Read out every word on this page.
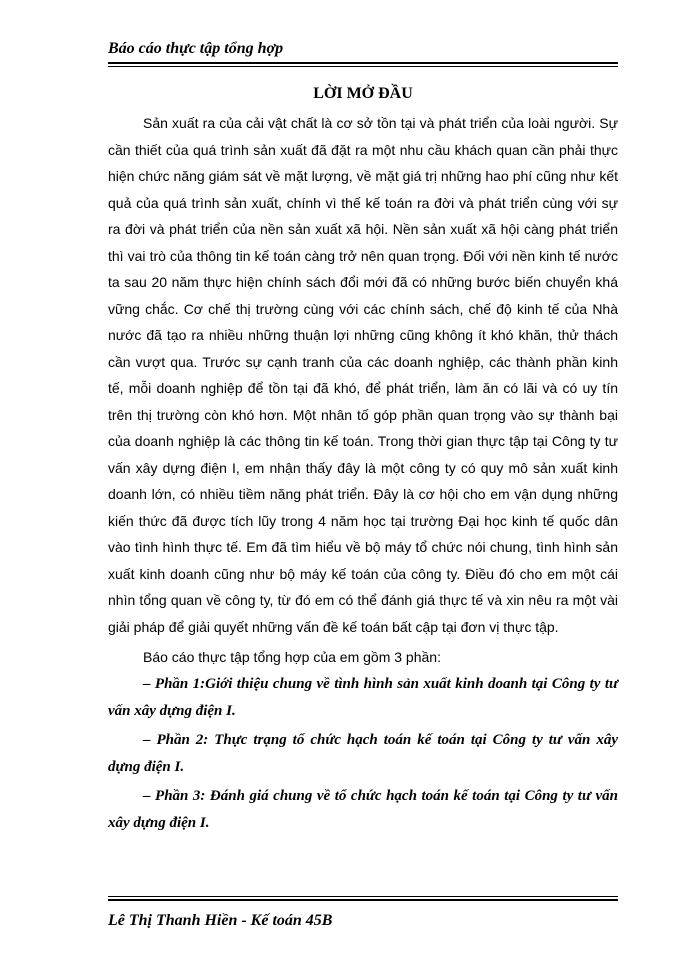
Báo cáo thực tập tổng hợp
LỜI MỞ ĐẦU

Sản xuất ra của cải vật chất là cơ sở tồn tại và phát triển của loài người. Sự cần thiết của quá trình sản xuất đã đặt ra một nhu cầu khách quan cần phải thực hiện chức năng giám sát về mặt lượng, về mặt giá trị những hao phí cũng như kết quả của quá trình sản xuất, chính vì thế kế toán ra đời và phát triển cùng với sự ra đời và phát triển của nền sản xuất xã hội. Nền sản xuất xã hội càng phát triển thì vai trò của thông tin kế toán càng trở nên quan trọng. Đối với nền kinh tế nước ta sau 20 năm thực hiện chính sách đổi mới đã có những bước biến chuyển khá vững chắc. Cơ chế thị trường cùng với các chính sách, chế độ kinh tế của Nhà nước đã tạo ra nhiều những thuận lợi những cũng không ít khó khăn, thử thách cần vượt qua. Trước sự cạnh tranh của các doanh nghiệp, các thành phần kinh tế, mỗi doanh nghiệp để tồn tại đã khó, để phát triển, làm ăn có lãi và có uy tín trên thị trường còn khó hơn. Một nhân tố góp phần quan trọng vào sự thành bại của doanh nghiệp là các thông tin kế toán. Trong thời gian thực tập tại Công ty tư vấn xây dựng điện I, em nhận thấy đây là một công ty có quy mô sản xuất kinh doanh lớn, có nhiều tiềm năng phát triển. Đây là cơ hội cho em vận dụng những kiến thức đã được tích lũy trong 4 năm học tại trường Đại học kinh tế quốc dân vào tình hình thực tế. Em đã tìm hiểu về bộ máy tổ chức nói chung, tình hình sản xuất kinh doanh cũng như bộ máy kế toán của công ty. Điều đó cho em một cái nhìn tổng quan về công ty, từ đó em có thể đánh giá thực tế và xin nêu ra một vài giải pháp để giải quyết những vấn đề kế toán bất cập tại đơn vị thực tập.

Báo cáo thực tập tổng hợp của em gồm 3 phần:

– Phần 1:Giới thiệu chung về tình hình sản xuất kinh doanh tại Công ty tư vấn xây dựng điện I.

– Phần 2: Thực trạng tổ chức hạch toán kế toán tại Công ty tư vấn xây dựng điện I.

– Phần 3: Đánh giá chung về tổ chức hạch toán kế toán tại Công ty tư vấn xây dựng điện I.

Lê Thị Thanh Hiền - Kế toán 45B
